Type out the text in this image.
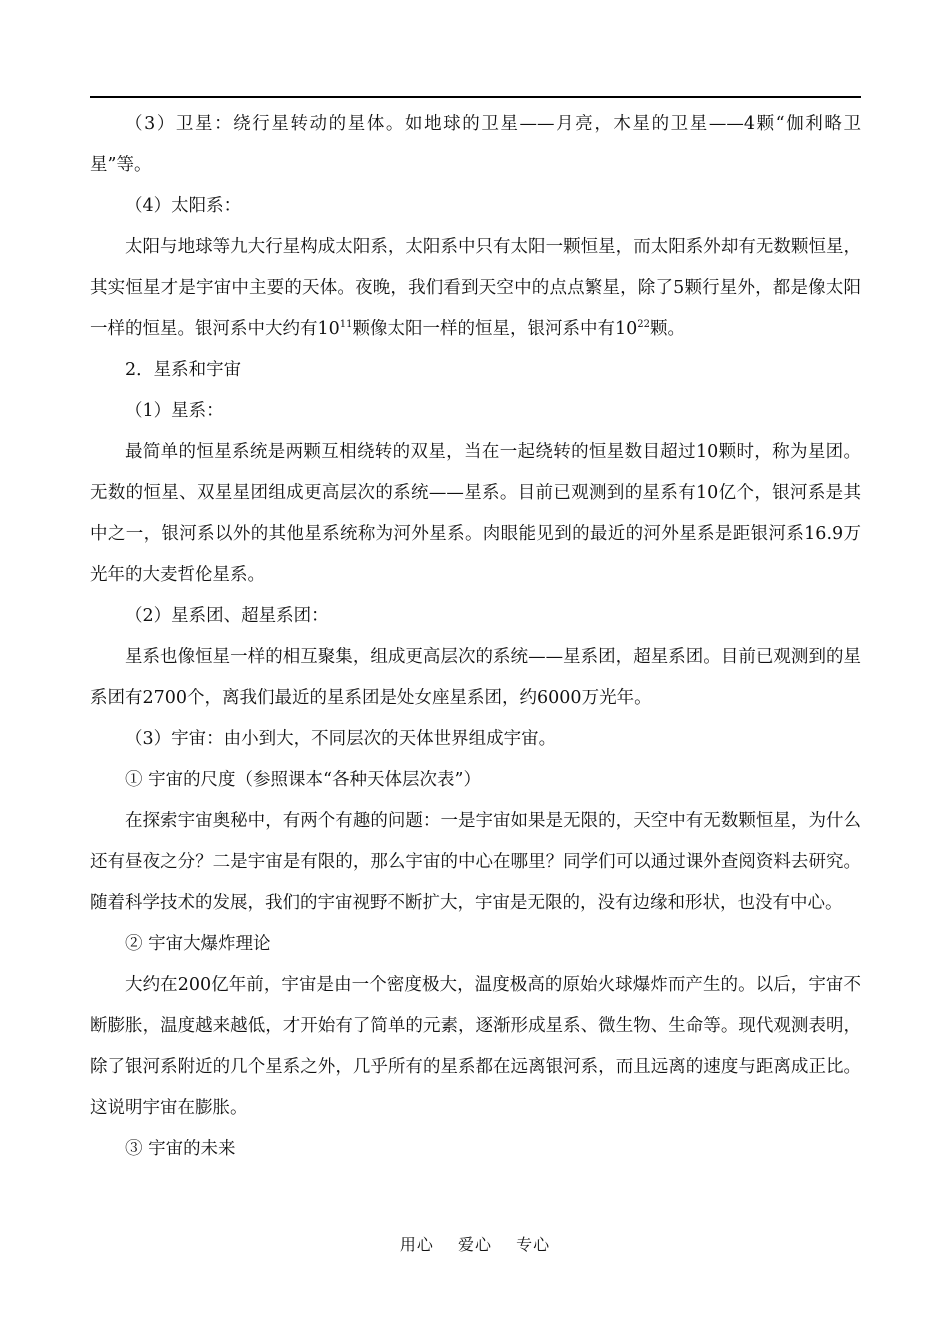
（3）卫星：绕行星转动的星体。如地球的卫星——月亮，木星的卫星——4颗“伽利略卫星”等。

（4）太阳系：

太阳与地球等九大行星构成太阳系，太阳系中只有太阳一颗恒星，而太阳系外却有无数颗恒星，其实恒星才是宇宙中主要的天体。夜晚，我们看到天空中的点点繁星，除了5颗行星外，都是像太阳一样的恒星。银河系中大约有$10^{11}$颗像太阳一样的恒星，银河系中有$10^{22}$颗。

2．星系和宇宙

（1）星系：

最简单的恒星系统是两颗互相绕转的双星，当在一起绕转的恒星数目超过10颗时，称为星团。无数的恒星、双星星团组成更高层次的系统——星系。目前已观测到的星系有10亿个，银河系是其中之一，银河系以外的其他星系统称为河外星系。肉眼能见到的最近的河外星系是距银河系16.9万光年的大麦哲伦星系。

（2）星系团、超星系团：

星系也像恒星一样的相互聚集，组成更高层次的系统——星系团，超星系团。目前已观测到的星系团有2700个，离我们最近的星系团是处女座星系团，约6000万光年。

（3）宇宙：由小到大，不同层次的天体世界组成宇宙。

① 宇宙的尺度（参照课本“各种天体层次表”）

在探索宇宙奥秘中，有两个有趣的问题：一是宇宙如果是无限的，天空中有无数颗恒星，为什么还有昼夜之分？二是宇宙是有限的，那么宇宙的中心在哪里？同学们可以通过课外查阅资料去研究。随着科学技术的发展，我们的宇宙视野不断扩大，宇宙是无限的，没有边缘和形状，也没有中心。

② 宇宙大爆炸理论

大约在200亿年前，宇宙是由一个密度极大，温度极高的原始火球爆炸而产生的。以后，宇宙不断膨胀，温度越来越低，才开始有了简单的元素，逐渐形成星系、微生物、生命等。现代观测表明，除了银河系附近的几个星系之外，几乎所有的星系都在远离银河系，而且远离的速度与距离成正比。这说明宇宙在膨胀。

③ 宇宙的未来

用心 爱心 专心
